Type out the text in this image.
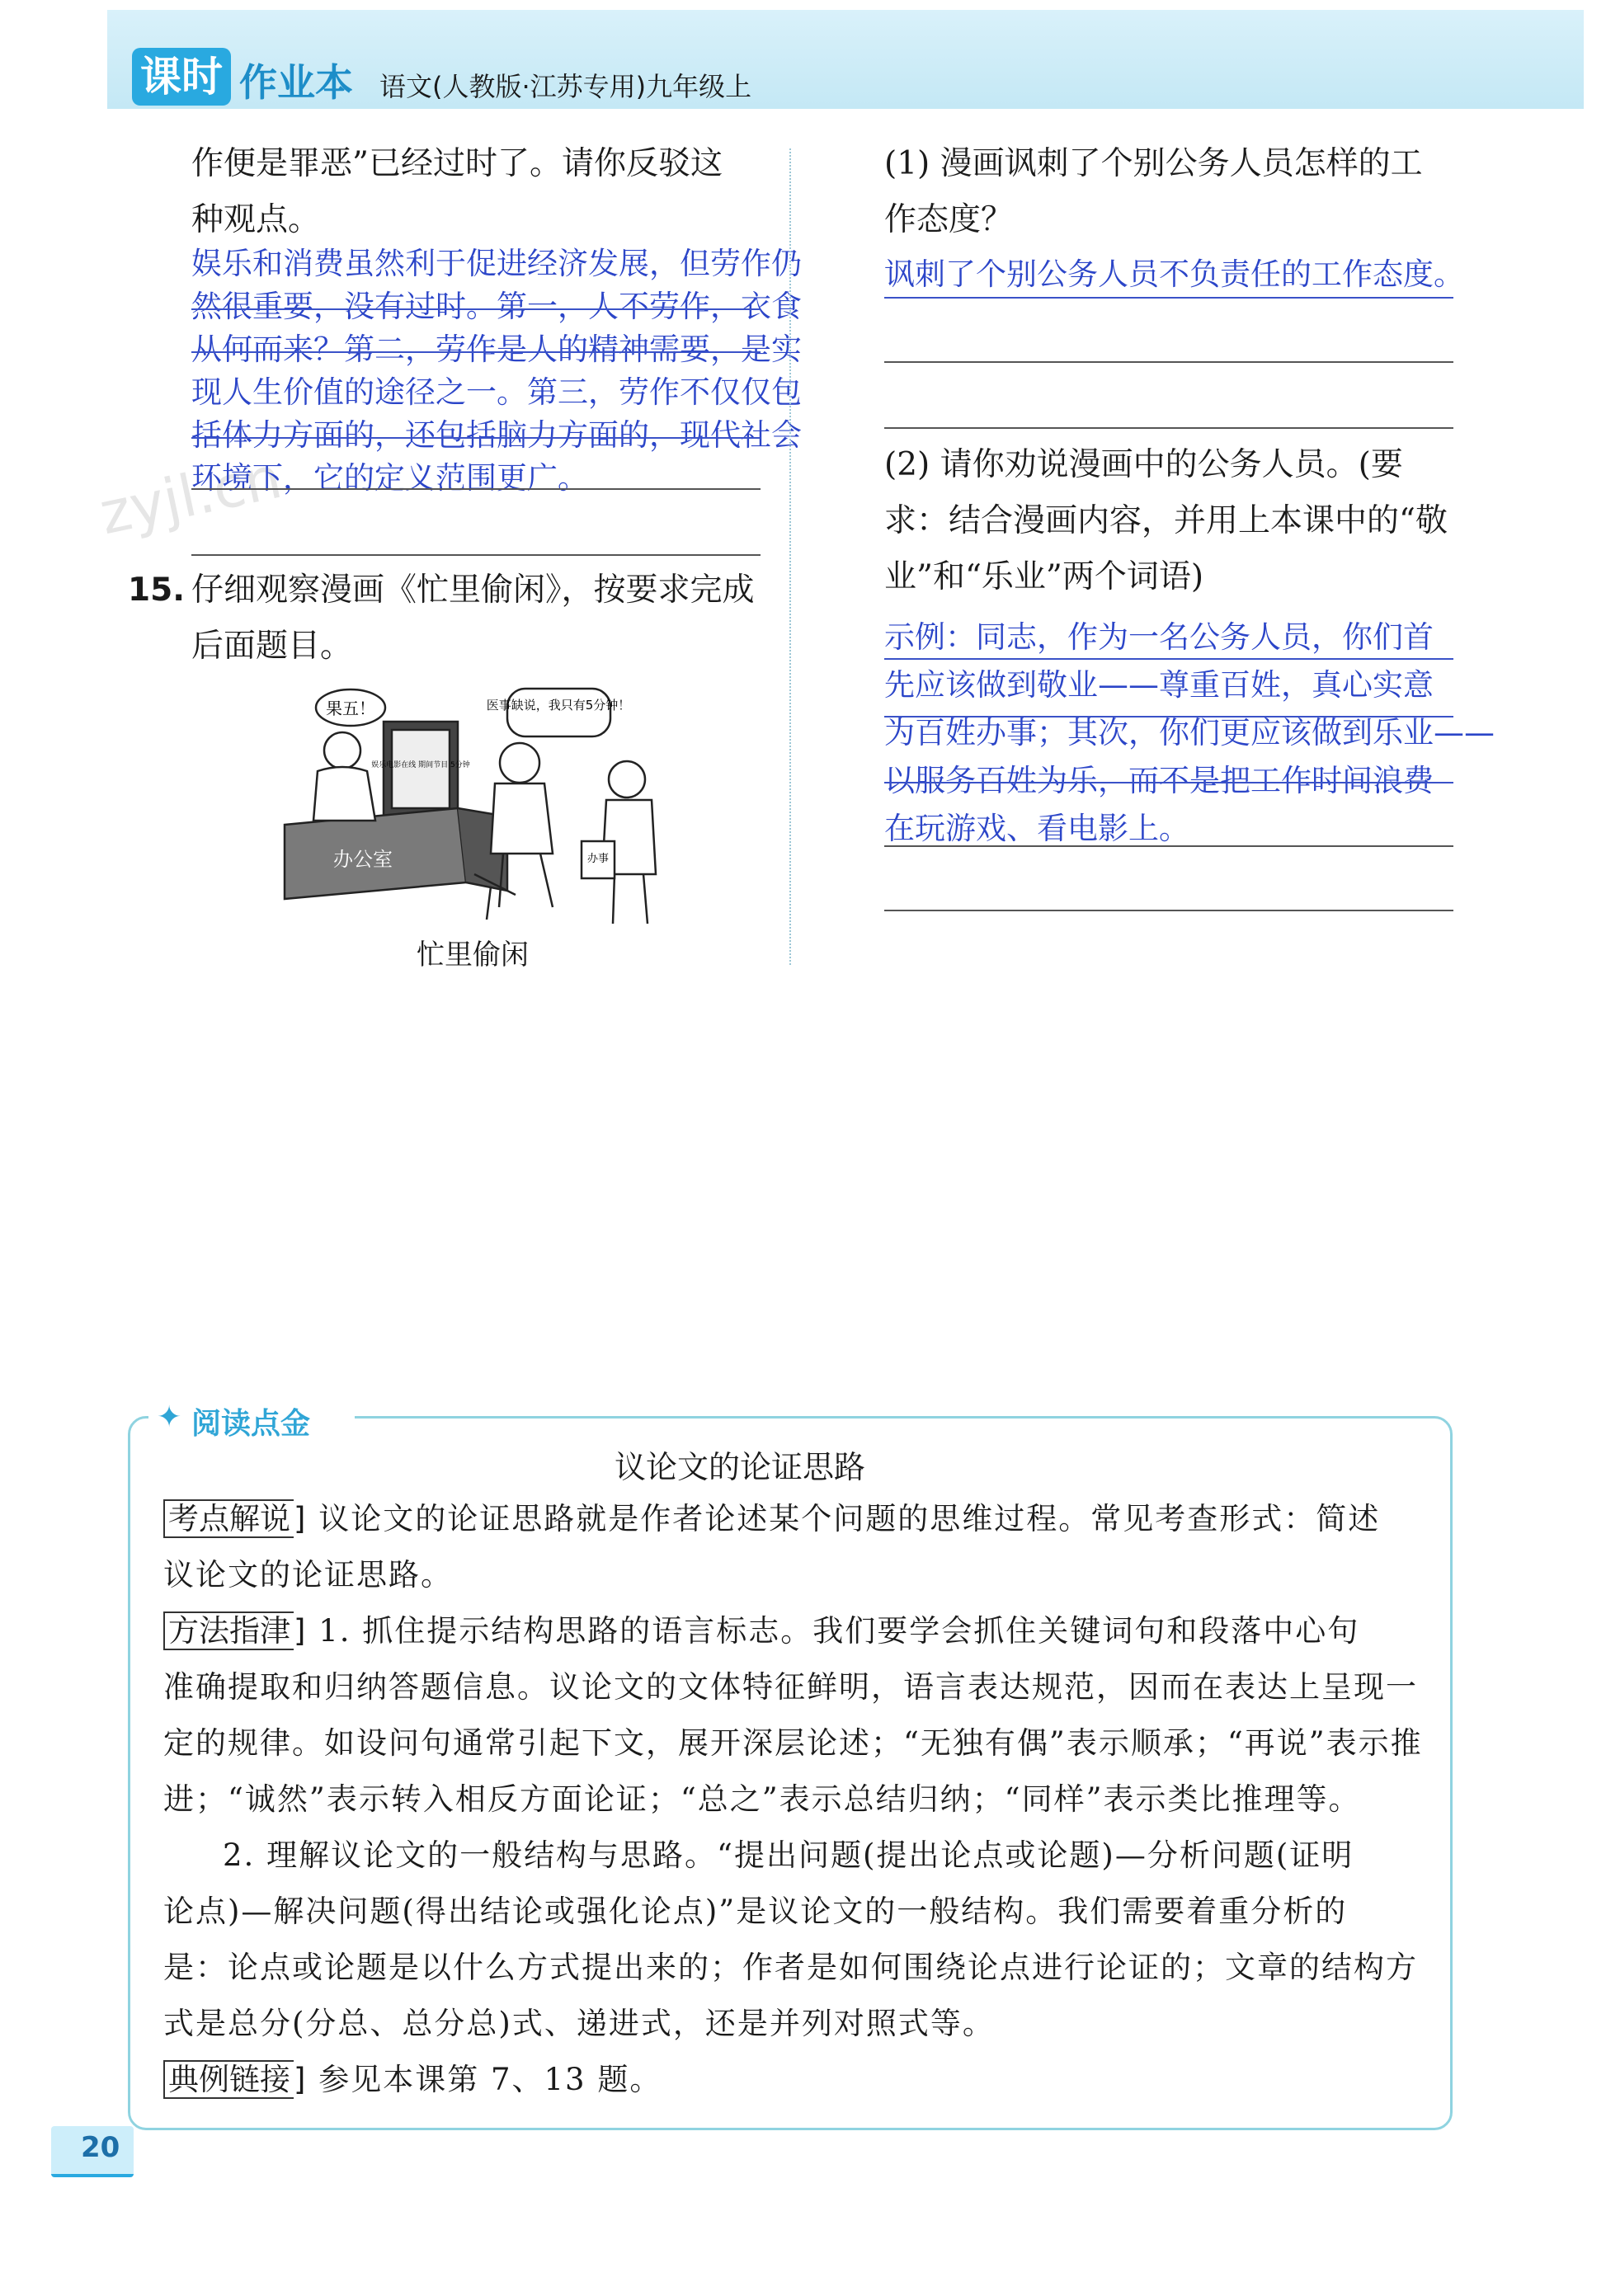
课时 作业本 语文(人教版·江苏专用)九年级上
zyjl.cn
作便是罪恶”已经过时了。请你反驳这
种观点。
娱乐和消费虽然利于促进经济发展，但劳作仍
然很重要，没有过时。第一，人不劳作，衣食
从何而来？第二，劳作是人的精神需要，是实
现人生价值的途径之一。第三，劳作不仅仅包
括体力方面的，还包括脑力方面的，现代社会
环境下，它的定义范围更广。
15. 仔细观察漫画《忙里偷闲》，按要求完成
后面题目。
果五！	医事缺说，我只有5分钟！
娱乐电影在线 期间节目 5分钟
办公室	办事
忙里偷闲
(1) 漫画讽刺了个别公务人员怎样的工
作态度？
讽刺了个别公务人员不负责任的工作态度。
(2) 请你劝说漫画中的公务人员。(要
求：结合漫画内容，并用上本课中的“敬
业”和“乐业”两个词语)
示例：同志，作为一名公务人员，你们首
先应该做到敬业——尊重百姓，真心实意
为百姓办事；其次，你们更应该做到乐业——
以服务百姓为乐，而不是把工作时间浪费
在玩游戏、看电影上。
✦ 阅读点金
议论文的论证思路
考点解说 ] 议论文的论证思路就是作者论述某个问题的思维过程。常见考查形式：简述
议论文的论证思路。
方法指津 ] 1. 抓住提示结构思路的语言标志。我们要学会抓住关键词句和段落中心句
准确提取和归纳答题信息。议论文的文体特征鲜明，语言表达规范，因而在表达上呈现一
定的规律。如设问句通常引起下文，展开深层论述；“无独有偶”表示顺承；“再说”表示推
进；“诚然”表示转入相反方面论证；“总之”表示总结归纳；“同样”表示类比推理等。
2. 理解议论文的一般结构与思路。“提出问题(提出论点或论题)—分析问题(证明
论点)—解决问题(得出结论或强化论点)”是议论文的一般结构。我们需要着重分析的
是：论点或论题是以什么方式提出来的；作者是如何围绕论点进行论证的；文章的结构方
式是总分(分总、总分总)式、递进式，还是并列对照式等。
典例链接 ] 参见本课第 7、13 题。
20
